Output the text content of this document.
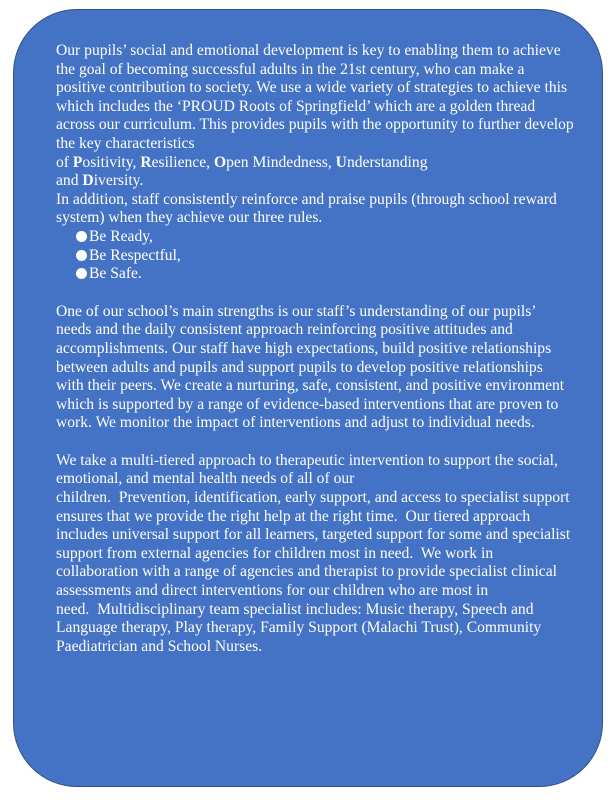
Our pupils’ social and emotional development is key to enabling them to achieve the goal of becoming successful adults in the 21st century, who can make a positive contribution to society. We use a wide variety of strategies to achieve this which includes the ‘PROUD Roots of Springfield’ which are a golden thread across our curriculum. This provides pupils with the opportunity to further develop the key characteristics

of Positivity, Resilience, Open Mindedness, Understanding

and Diversity.

In addition, staff consistently reinforce and praise pupils (through school reward system) when they achieve our three rules.

Be Ready,
Be Respectful,
Be Safe.

One of our school’s main strengths is our staff’s understanding of our pupils’ needs and the daily consistent approach reinforcing positive attitudes and accomplishments. Our staff have high expectations, build positive relationships between adults and pupils and support pupils to develop positive relationships with their peers. We create a nurturing, safe, consistent, and positive environment which is supported by a range of evidence-based interventions that are proven to work. We monitor the impact of interventions and adjust to individual needs.

We take a multi-tiered approach to therapeutic intervention to support the social, emotional, and mental health needs of all of our

children.  Prevention, identification, early support, and access to specialist support ensures that we provide the right help at the right time.  Our tiered approach includes universal support for all learners, targeted support for some and specialist support from external agencies for children most in need.  We work in collaboration with a range of agencies and therapist to provide specialist clinical assessments and direct interventions for our children who are most in

need.  Multidisciplinary team specialist includes: Music therapy, Speech and Language therapy, Play therapy, Family Support (Malachi Trust), Community Paediatrician and School Nurses.
